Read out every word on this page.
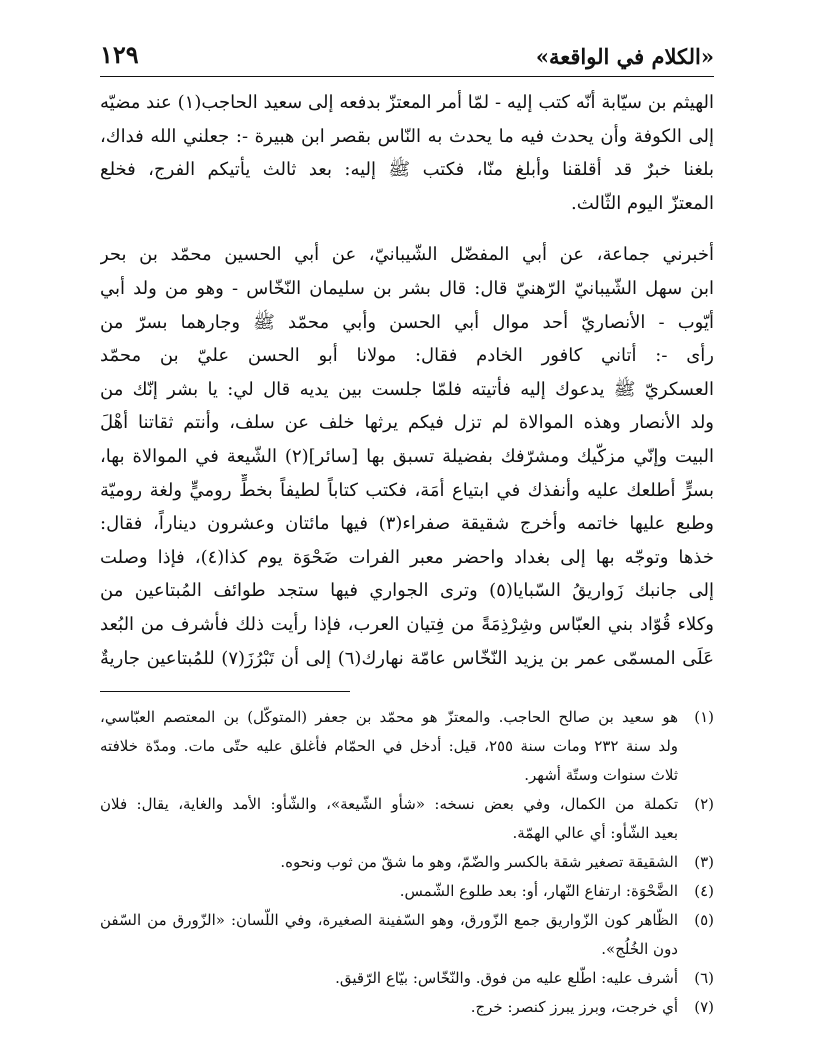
«الكلام في الواقعة»
١٢٩
الهيثم بن سيّابة أنّه كتب إليه - لمّا أمر المعتزّ بدفعه إلى سعيد الحاجب(١) عند مضيّه
إلى الكوفة وأن يحدث فيه ما يحدث به النّاس بقصر ابن هبيرة -: جعلني الله فداك،
بلغنا خبرٌ قد أقلقنا وأبلغ منّا، فكتب ﷺ إليه: بعد ثالث يأتيكم الفرج، فخلع
المعتزّ اليوم الثّالث.
أخبرني جماعة، عن أبي المفضّل الشّيبانيّ، عن أبي الحسين محمّد بن بحر
ابن سهل الشّيبانيّ الرّهنيّ قال: قال بشر بن سليمان النّخّاس - وهو من ولد أبي
أيّوب - الأنصاريّ أحد موال أبي الحسن وأبي محمّد ﷺ وجارهما بسرّ من
رأى -: أتاني كافور الخادم فقال: مولانا أبو الحسن عليّ بن محمّد
العسكريّ ﷺ يدعوك إليه فأتيته فلمّا جلست بين يديه قال لي: يا بشر إنّك من
ولد الأنصار وهذه الموالاة لم تزل فيكم يرثها خلف عن سلف، وأنتم ثقاتنا أهْلَ
البيت وإنّي مزكّيك ومشرّفك بفضيلة تسبق بها [سائر](٢) الشّيعة في الموالاة بها،
بسرٍّ أطلعك عليه وأنفذك في ابتياع أمَة، فكتب كتاباً لطيفاً بخطٍّ روميٍّ ولغة روميّة
وطبع عليها خاتمه وأخرج شقيقة صفراء(٣) فيها مائتان وعشرون ديناراً، فقال:
خذها وتوجّه بها إلى بغداد واحضر معبر الفرات ضَحْوَة يوم كذا(٤)، فإذا وصلت
إلى جانبك زَواريقُ السّبايا(٥) وترى الجواري فيها ستجد طوائف المُبتاعين من
وكلاء قُوّاد بني العبّاس وشِرْذِمَةً من فِتيان العرب، فإذا رأيت ذلك فأشرف من البُعد
عَلَى المسمّى عمر بن يزيد النّخّاس عامّة نهارك(٦) إلى أن تَبْرُزَ(٧) للمُبتاعين جاريةٌ
(١)
هو سعيد بن صالح الحاجب. والمعتزّ هو محمّد بن جعفر (المتوكّل) بن المعتصم العبّاسي،
ولد سنة ٢٣٢ ومات سنة ٢٥٥، قيل: أدخل في الحمّام فأغلق عليه حتّى مات. ومدّة خلافته
ثلاث سنوات وستّة أشهر.
(٢)
تكملة من الكمال، وفي بعض نسخه: «شأو الشّيعة»، والشّأو: الأمد والغاية، يقال: فلان
بعيد الشّأو: أي عالي الهمّة.
(٣)
الشقيقة تصغير شقة بالكسر والضّمّ، وهو ما شقّ من ثوب ونحوه.
(٤)
الضَّحْوَة: ارتفاع النّهار، أو: بعد طلوع الشّمس.
(٥)
الظّاهر كون الزّواريق جمع الزّورق، وهو السّفينة الصغيرة، وفي اللّسان: «الزّورق من السّفن
دون الخُلُج».
(٦)
أشرف عليه: اطّلع عليه من فوق. والنّخّاس: بيّاع الرّقيق.
(٧)
أي خرجت، وبرز يبرز كنصر: خرج.
